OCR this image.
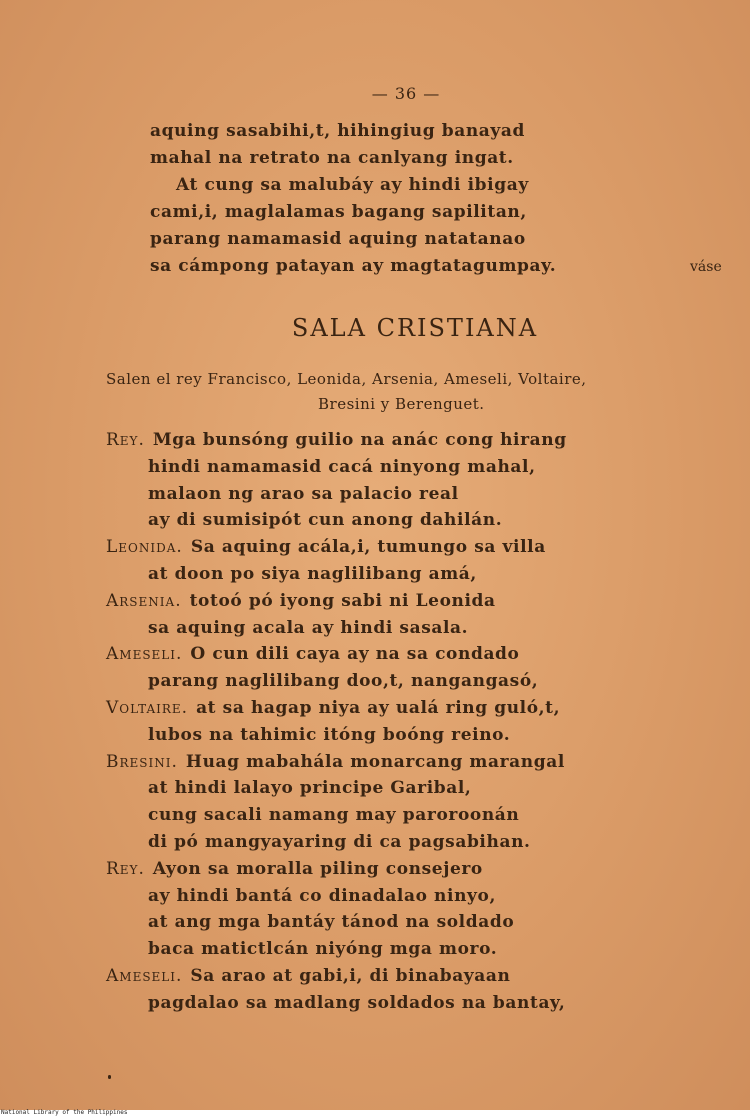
— 36 —
aquing sasabihi,t, hihingiug banayad
mahal na retrato na canlyang ingat.
At cung sa malubáy ay hindi ibigay
cami,i, maglalamas bagang sapilitan,
parang namamasid aquing natatanao
sa cámpong patayan ay magtatagumpay.	váse
SALA CRISTIANA
Salen el rey Francisco, Leonida, Arsenia, Ameseli, Voltaire,
Bresini y Berenguet.
Rey. Mga bunsóng guilio na anác cong hirang
hindi namamasid cacá ninyong mahal,
malaon ng arao sa palacio real
ay di sumisipót cun anong dahilán.
Leonida. Sa aquing acála,i, tumungo sa villa
at doon po siya naglilibang amá,
Arsenia. totoó pó iyong sabi ni Leonida
sa aquing acala ay hindi sasala.
Ameseli. O cun dili caya ay na sa condado
parang naglilibang doo,t, nangangasó,
Voltaire. at sa hagap niya ay ualá ring guló,t,
lubos na tahimic itóng boóng reino.
Bresini. Huag mabahála monarcang marangal
at hindi lalayo principe Garibal,
cung sacali namang may paroroonán
di pó mangyayaring di ca pagsabihan.
Rey. Ayon sa moralla piling consejero
ay hindi bantá co dinadalao ninyo,
at ang mga bantáy tánod na soldado
baca matictlcán niyóng mga moro.
Ameseli. Sa arao at gabi,i, di binabayaan
pagdalao sa madlang soldados na bantay,
National Library of the Philippines
